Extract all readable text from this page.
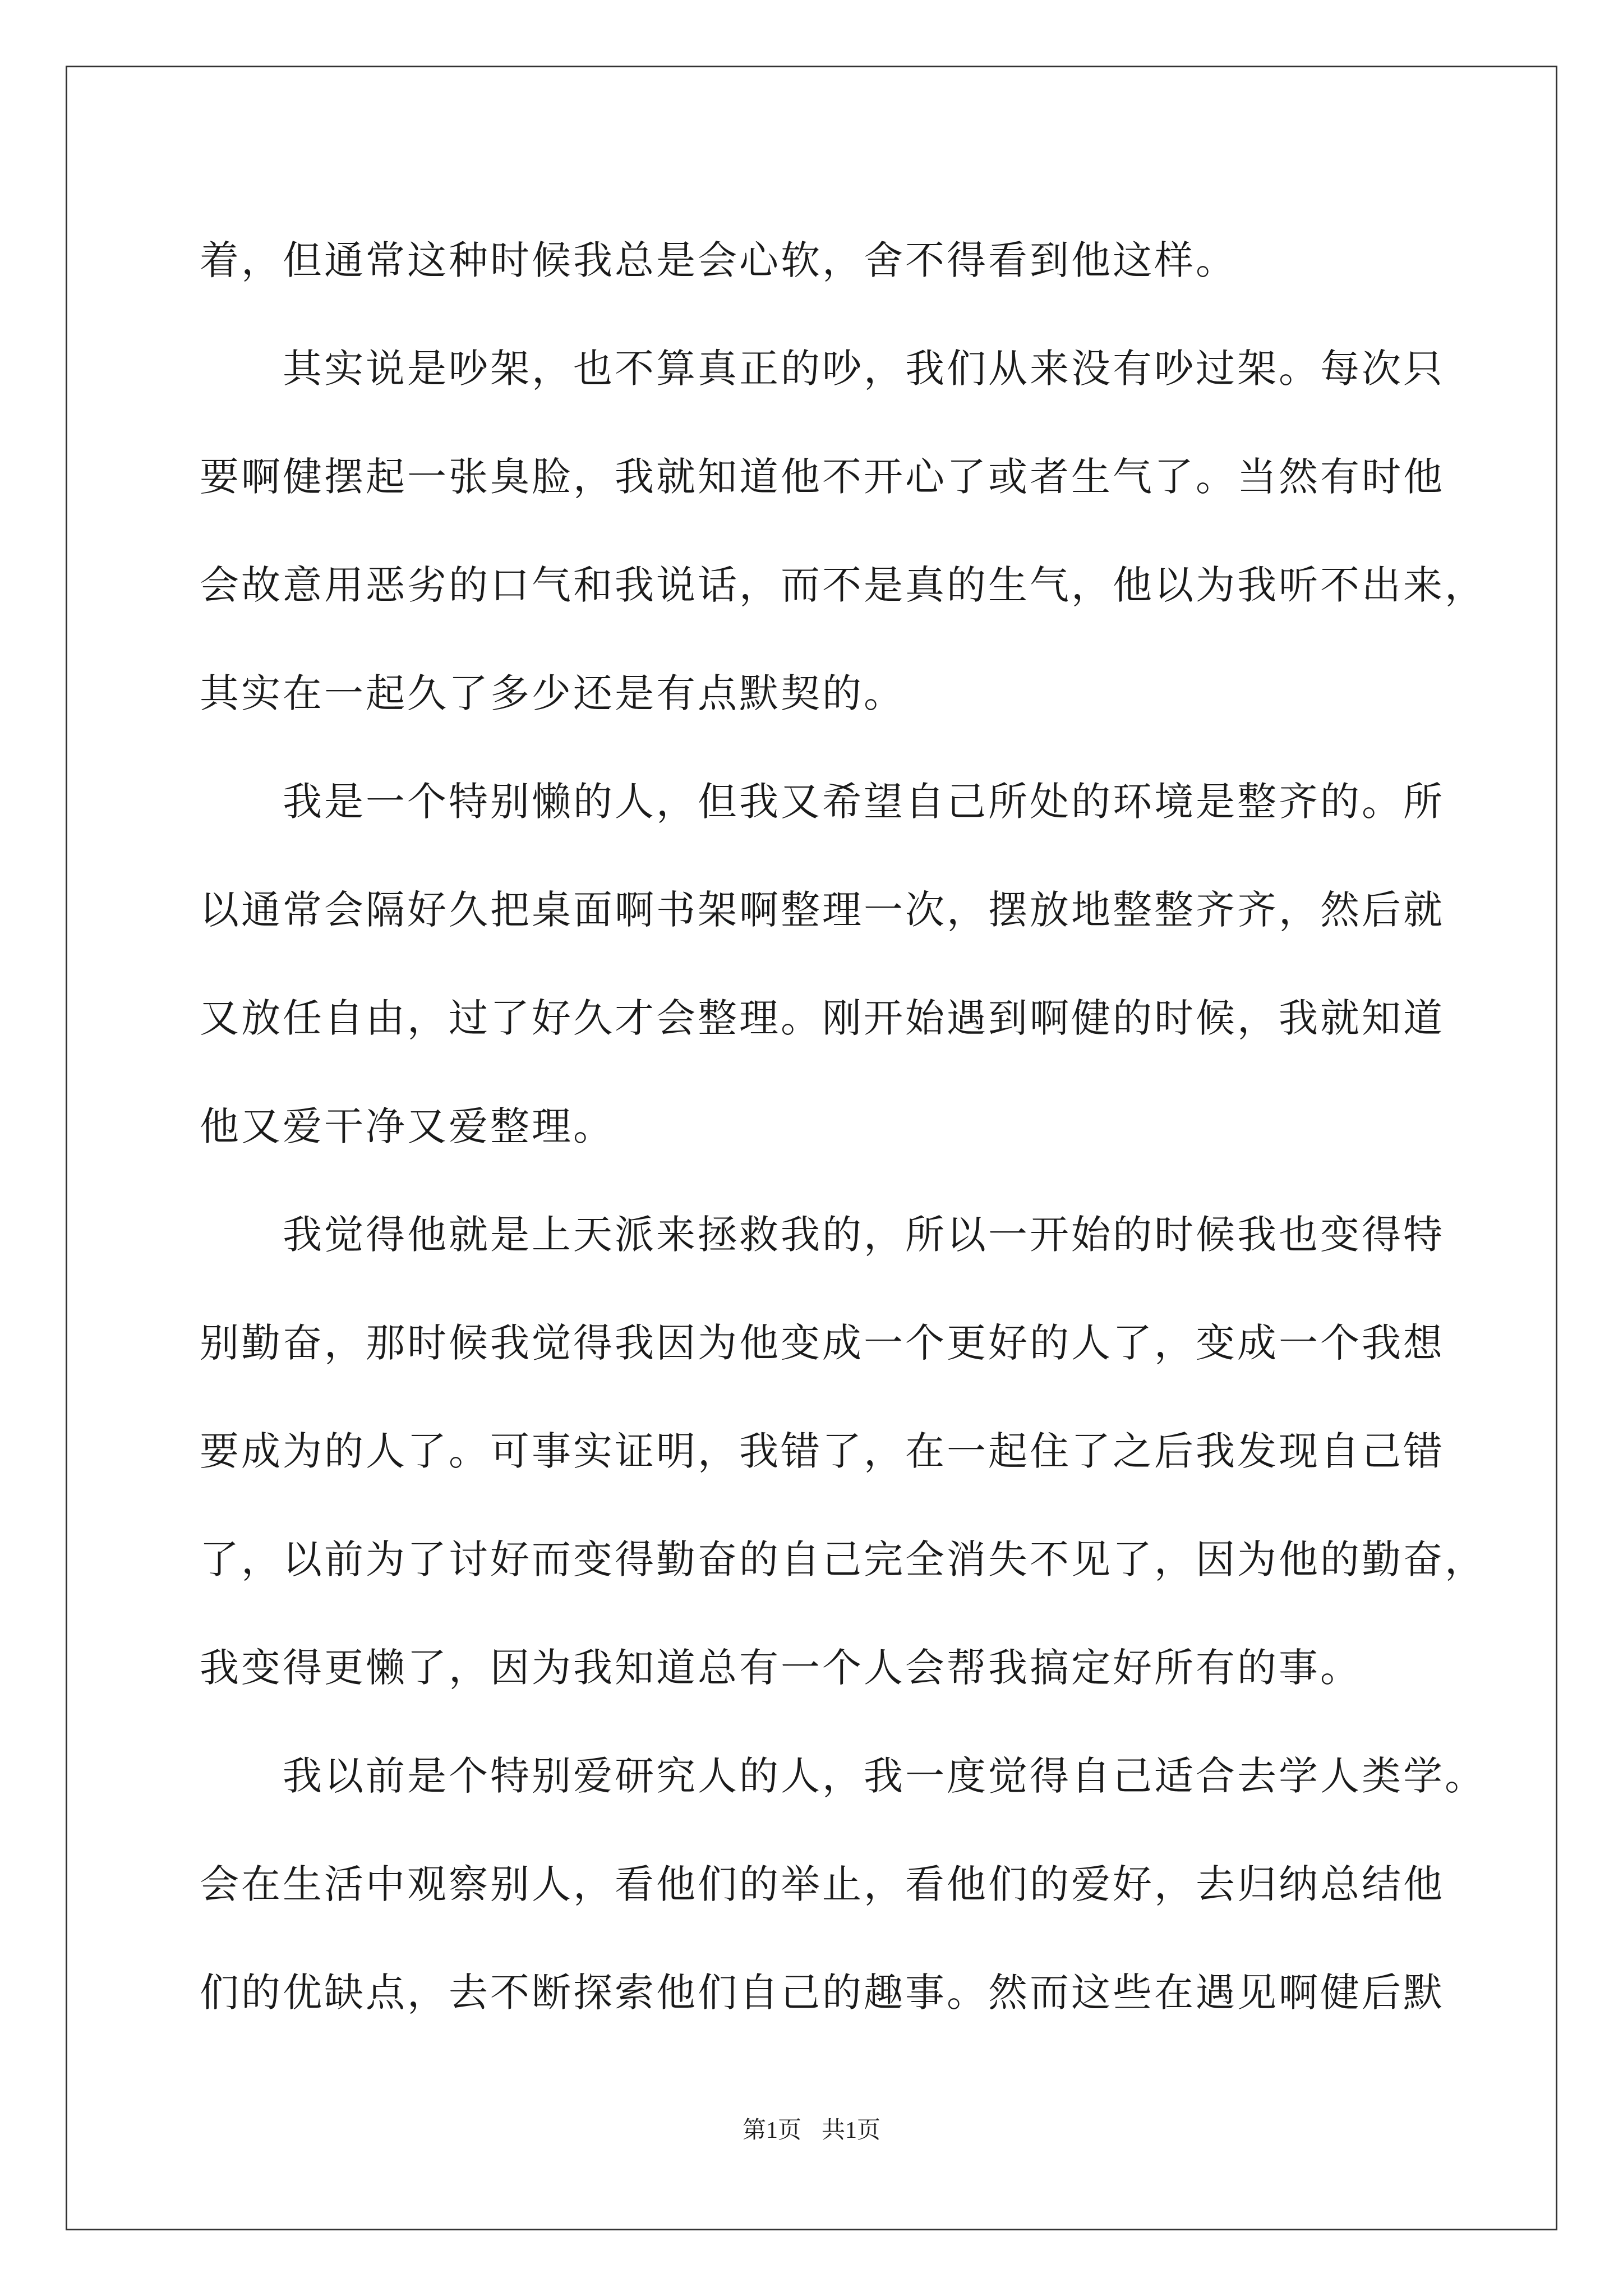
着，但通常这种时候我总是会心软，舍不得看到他这样。
　　其实说是吵架，也不算真正的吵，我们从来没有吵过架。每次只
要啊健摆起一张臭脸，我就知道他不开心了或者生气了。当然有时他
会故意用恶劣的口气和我说话，而不是真的生气，他以为我听不出来，
其实在一起久了多少还是有点默契的。
　　我是一个特别懒的人，但我又希望自己所处的环境是整齐的。所
以通常会隔好久把桌面啊书架啊整理一次，摆放地整整齐齐，然后就
又放任自由，过了好久才会整理。刚开始遇到啊健的时候，我就知道
他又爱干净又爱整理。
　　我觉得他就是上天派来拯救我的，所以一开始的时候我也变得特
别勤奋，那时候我觉得我因为他变成一个更好的人了，变成一个我想
要成为的人了。可事实证明，我错了，在一起住了之后我发现自己错
了，以前为了讨好而变得勤奋的自己完全消失不见了，因为他的勤奋，
我变得更懒了，因为我知道总有一个人会帮我搞定好所有的事。
　　我以前是个特别爱研究人的人，我一度觉得自己适合去学人类学。
会在生活中观察别人，看他们的举止，看他们的爱好，去归纳总结他
们的优缺点，去不断探索他们自己的趣事。然而这些在遇见啊健后默
第1页 共1页
